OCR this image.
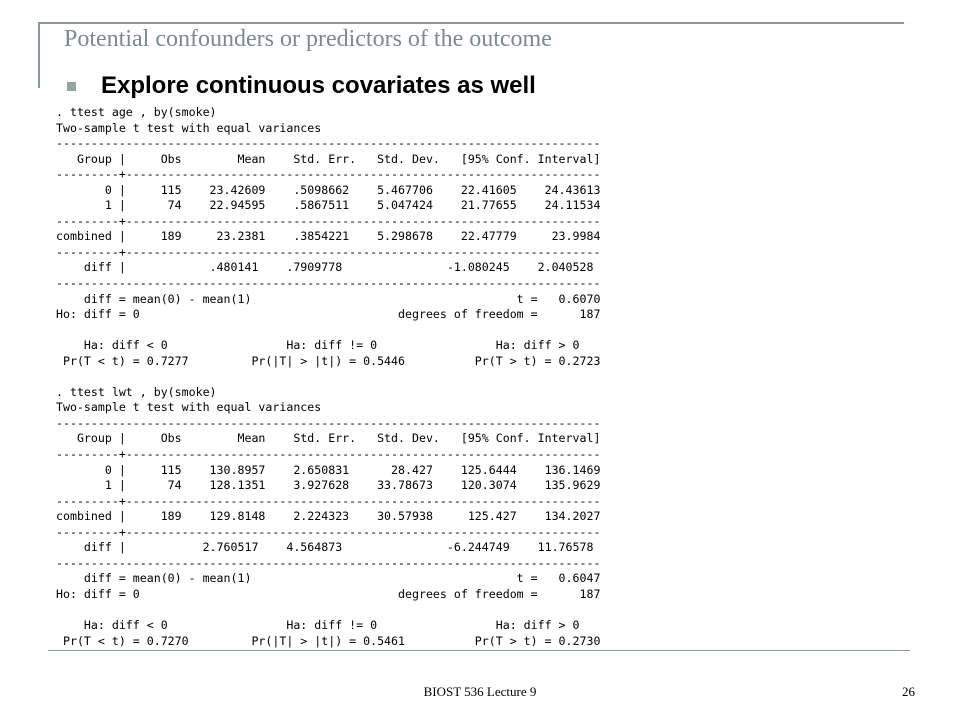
Potential confounders or predictors of the outcome
Explore continuous covariates as well
. ttest age , by(smoke)
Two-sample t test with equal variances
------------------------------------------------------------------------------
Group |     Obs        Mean    Std. Err.   Std. Dev.   [95% Conf. Interval]
---------+--------------------------------------------------------------------
0 |     115    23.42609    .5098662    5.467706    22.41605    24.43613
1 |      74    22.94595    .5867511    5.047424    21.77655    24.11534
---------+--------------------------------------------------------------------
combined |     189     23.2381    .3854221    5.298678    22.47779     23.9984
---------+--------------------------------------------------------------------
diff |            .480141    .7909778               -1.080245    2.040528
------------------------------------------------------------------------------
diff = mean(0) - mean(1)                                      t =   0.6070
Ho: diff = 0                                     degrees of freedom =      187

Ha: diff < 0                 Ha: diff != 0                 Ha: diff > 0
Pr(T < t) = 0.7277         Pr(|T| > |t|) = 0.5446          Pr(T > t) = 0.2723

. ttest lwt , by(smoke)
Two-sample t test with equal variances
------------------------------------------------------------------------------
Group |     Obs        Mean    Std. Err.   Std. Dev.   [95% Conf. Interval]
---------+--------------------------------------------------------------------
0 |     115    130.8957    2.650831      28.427    125.6444    136.1469
1 |      74    128.1351    3.927628    33.78673    120.3074    135.9629
---------+--------------------------------------------------------------------
combined |     189    129.8148    2.224323    30.57938     125.427    134.2027
---------+--------------------------------------------------------------------
diff |           2.760517    4.564873               -6.244749    11.76578
------------------------------------------------------------------------------
diff = mean(0) - mean(1)                                      t =   0.6047
Ho: diff = 0                                     degrees of freedom =      187

Ha: diff < 0                 Ha: diff != 0                 Ha: diff > 0
Pr(T < t) = 0.7270         Pr(|T| > |t|) = 0.5461          Pr(T > t) = 0.2730
BIOST 536 Lecture 9	26
